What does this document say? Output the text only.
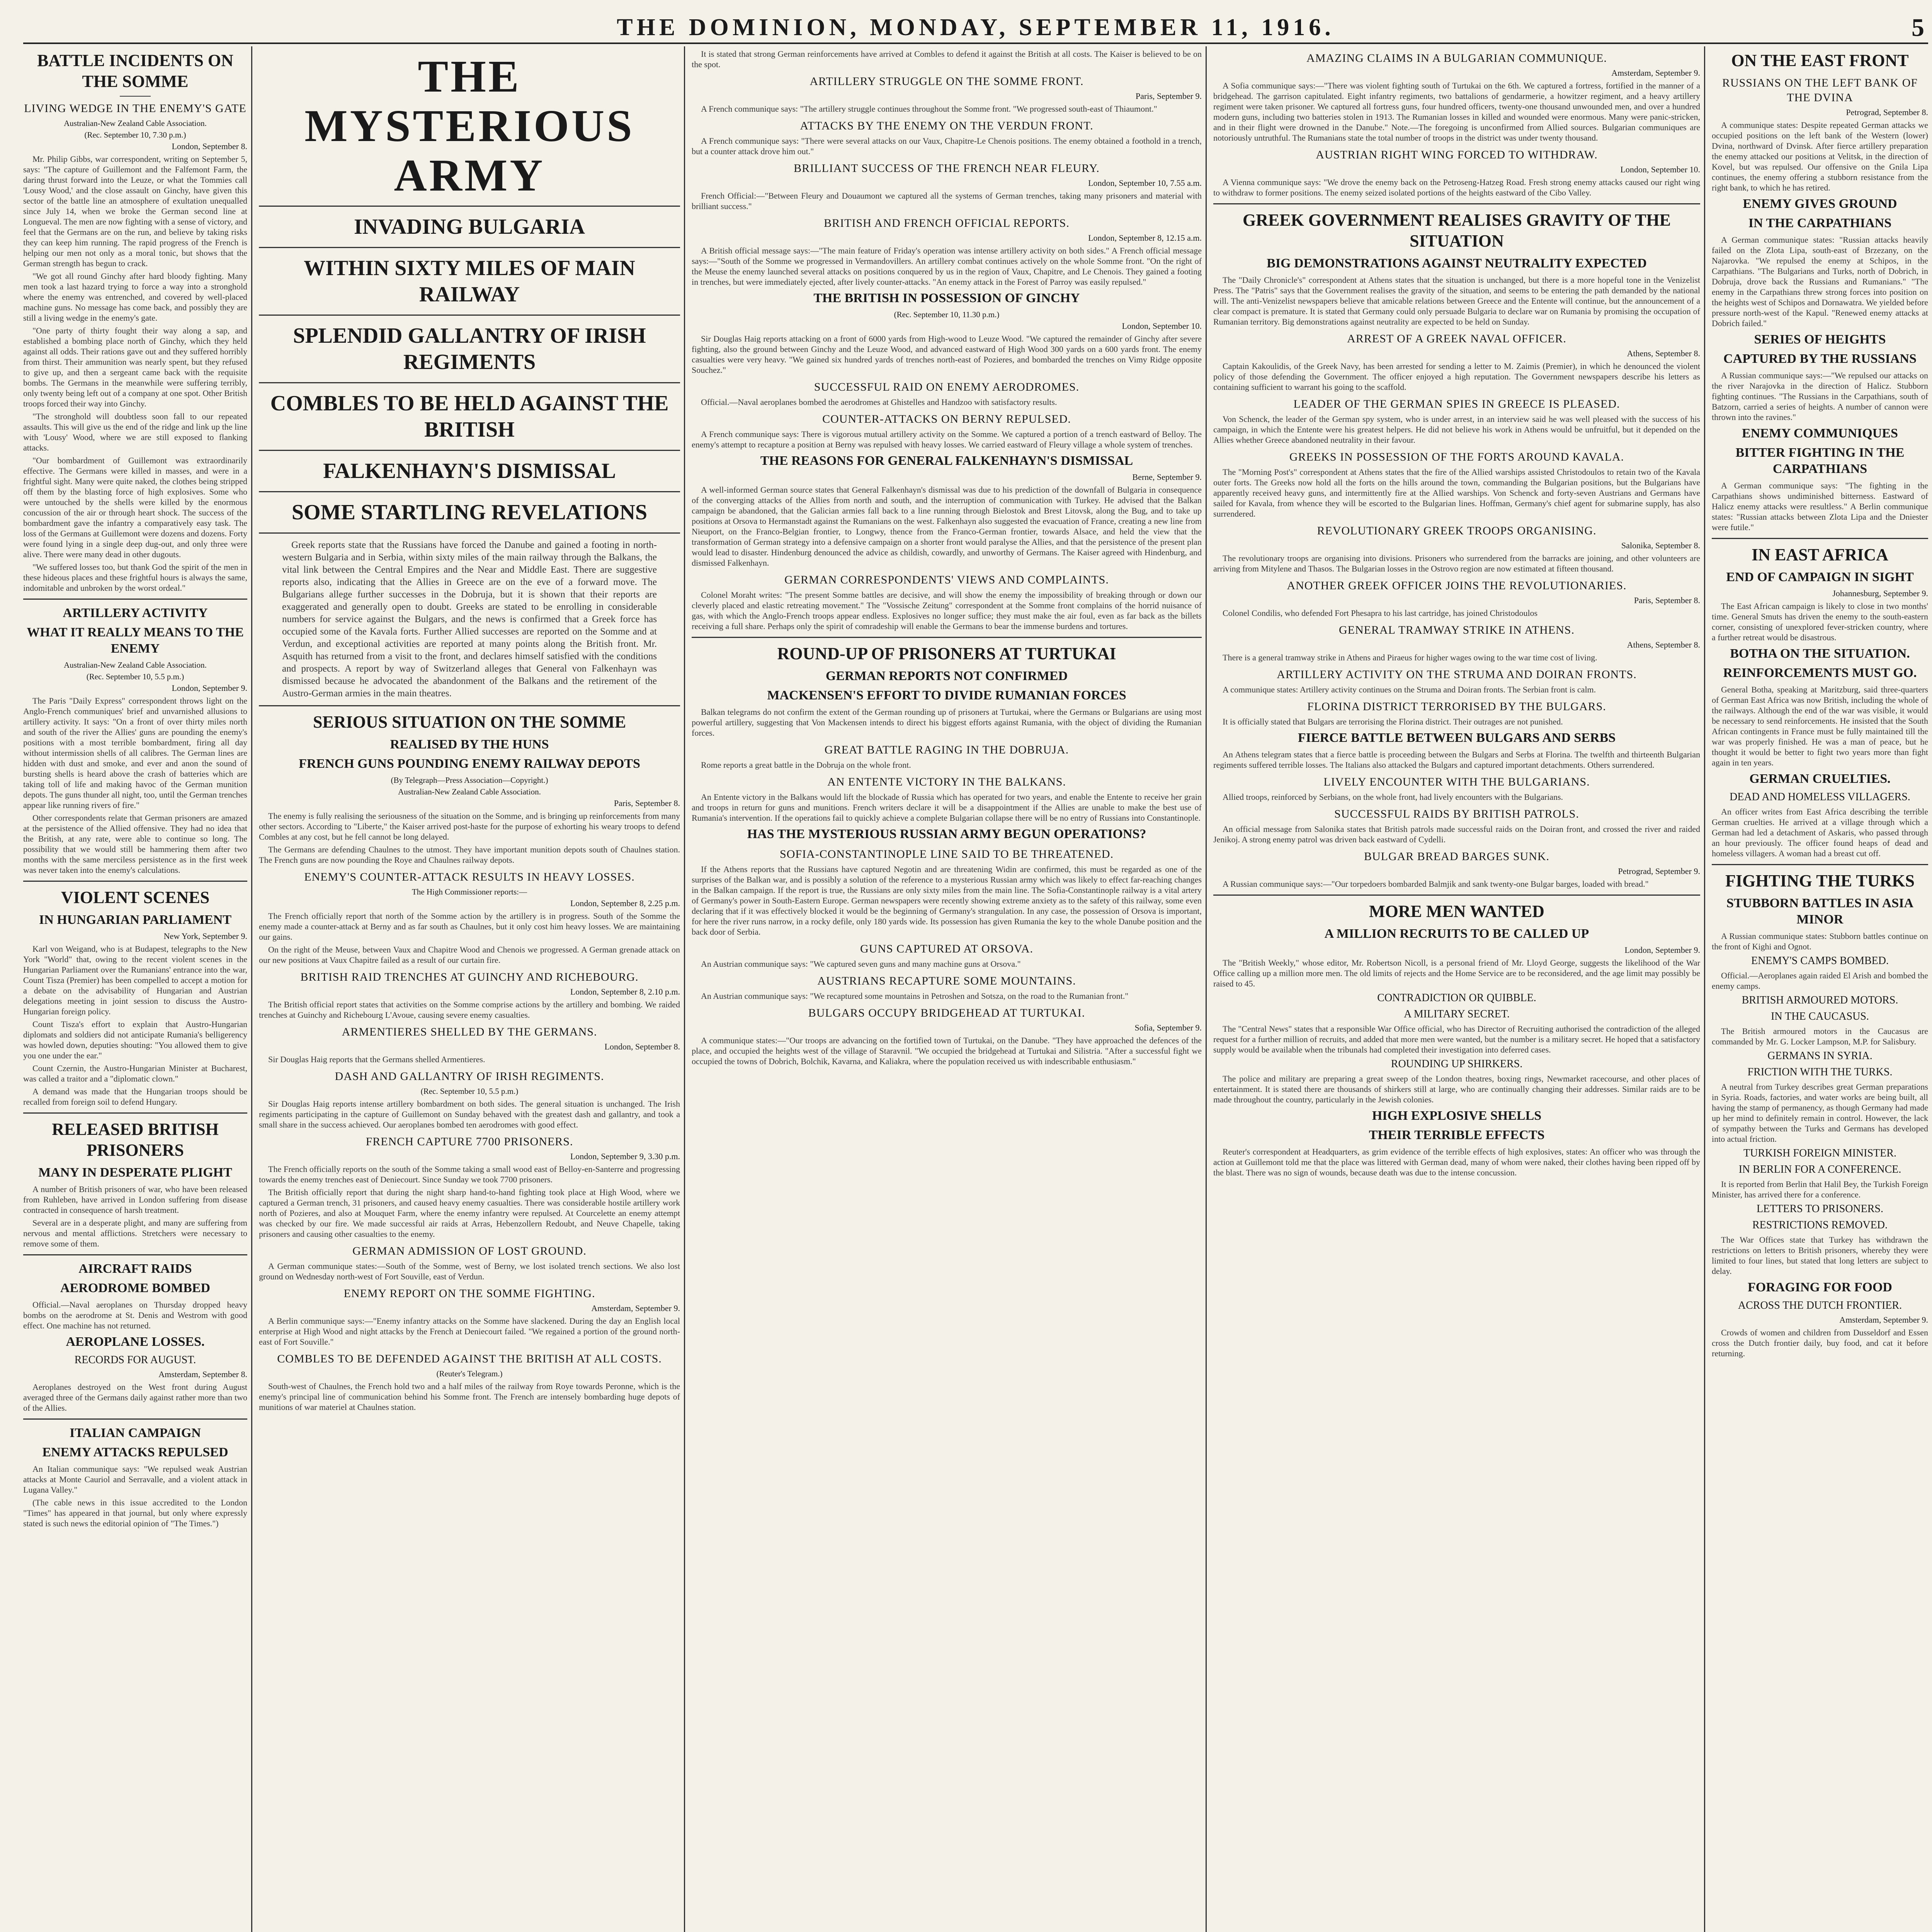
THE DOMINION, MONDAY, SEPTEMBER 11, 1916.	5
BATTLE INCIDENTS ON THE SOMME
LIVING WEDGE IN THE ENEMY'S GATE
Australian-New Zealand Cable Association.
(Rec. September 10, 7.30 p.m.)
London, September 8.

Mr. Philip Gibbs, war correspondent, writing on September 5, says: "The capture of Guillemont and the Falfemont Farm, the daring thrust forward into the Leuze, or what the Tommies call 'Lousy Wood,' and the close assault on Ginchy, have given this sector of the battle line an atmosphere of exultation unequalled since July 14, when we broke the German second line at Longueval. The men are now fighting with a sense of victory, and feel that the Germans are on the run, and believe by taking risks they can keep him running. The rapid progress of the French is helping our men not only as a moral tonic, but shows that the German strength has begun to crack.

"We got all round Ginchy after hard bloody fighting. Many men took a last hazard trying to force a way into a stronghold where the enemy was entrenched, and covered by well-placed machine guns. No message has come back, and possibly they are still a living wedge in the enemy's gate.

"One party of thirty fought their way along a sap, and established a bombing place north of Ginchy, which they held against all odds. Their rations gave out and they suffered horribly from thirst. Their ammunition was nearly spent, but they refused to give up, and then a sergeant came back with the requisite bombs. The Germans in the meanwhile were suffering terribly, only twenty being left out of a company at one spot. Other British troops forced their way into Ginchy.

"The stronghold will doubtless soon fall to our repeated assaults. This will give us the end of the ridge and link up the line with 'Lousy' Wood, where we are still exposed to flanking attacks.

"Our bombardment of Guillemont was extraordinarily effective. The Germans were killed in masses, and were in a frightful sight. Many were quite naked, the clothes being stripped off them by the blasting force of high explosives. Some who were untouched by the shells were killed by the enormous concussion of the air or through heart shock. The success of the bombardment gave the infantry a comparatively easy task. The loss of the Germans at Guillemont were dozens and dozens. Forty were found lying in a single deep dug-out, and only three were alive. There were many dead in other dugouts.

"We suffered losses too, but thank God the spirit of the men in these hideous places and these frightful hours is always the same, indomitable and unbroken by the worst ordeal."

ARTILLERY ACTIVITY
WHAT IT REALLY MEANS TO THE ENEMY
Australian-New Zealand Cable Association.
(Rec. September 10, 5.5 p.m.)
London, September 9.

The Paris "Daily Express" correspondent throws light on the Anglo-French communiques' brief and unvarnished allusions to artillery activity. It says: "On a front of over thirty miles north and south of the river the Allies' guns are pounding the enemy's positions with a most terrible bombardment, firing all day without intermission shells of all calibres. The German lines are hidden with dust and smoke, and ever and anon the sound of bursting shells is heard above the crash of batteries which are taking toll of life and making havoc of the German munition depots. The guns thunder all night, too, until the German trenches appear like running rivers of fire."

Other correspondents relate that German prisoners are amazed at the persistence of the Allied offensive. They had no idea that the British, at any rate, were able to continue so long. The possibility that we would still be hammering them after two months with the same merciless persistence as in the first week was never taken into the enemy's calculations.

VIOLENT SCENES
IN HUNGARIAN PARLIAMENT
New York, September 9.

Karl von Weigand, who is at Budapest, telegraphs to the New York "World" that, owing to the recent violent scenes in the Hungarian Parliament over the Rumanians' entrance into the war, Count Tisza (Premier) has been compelled to accept a motion for a debate on the advisability of Hungarian and Austrian delegations meeting in joint session to discuss the Austro-Hungarian foreign policy.

Count Tisza's effort to explain that Austro-Hungarian diplomats and soldiers did not anticipate Rumania's belligerency was howled down, deputies shouting: "You allowed them to give you one under the ear."

Count Czernin, the Austro-Hungarian Minister at Bucharest, was called a traitor and a "diplomatic clown."

A demand was made that the Hungarian troops should be recalled from foreign soil to defend Hungary.

RELEASED BRITISH PRISONERS
MANY IN DESPERATE PLIGHT

A number of British prisoners of war, who have been released from Ruhleben, have arrived in London suffering from disease contracted in consequence of harsh treatment.

Several are in a desperate plight, and many are suffering from nervous and mental afflictions. Stretchers were necessary to remove some of them.

AIRCRAFT RAIDS
AERODROME BOMBED

Official.—Naval aeroplanes on Thursday dropped heavy bombs on the aerodrome at St. Denis and Westrom with good effect. One machine has not returned.

AEROPLANE LOSSES.
RECORDS FOR AUGUST.
Amsterdam, September 8.

Aeroplanes destroyed on the West front during August averaged three of the Germans daily against rather more than two of the Allies.

ITALIAN CAMPAIGN
ENEMY ATTACKS REPULSED

An Italian communique says: "We repulsed weak Austrian attacks at Monte Cauriol and Serravalle, and a violent attack in Lugana Valley."

(The cable news in this issue accredited to the London "Times" has appeared in that journal, but only where expressly stated is such news the editorial opinion of "The Times.")

THE MYSTERIOUS ARMY
INVADING BULGARIA
WITHIN SIXTY MILES OF MAIN RAILWAY
SPLENDID GALLANTRY OF IRISH REGIMENTS
COMBLES TO BE HELD AGAINST THE BRITISH
FALKENHAYN'S DISMISSAL
SOME STARTLING REVELATIONS

Greek reports state that the Russians have forced the Danube and gained a footing in north-western Bulgaria and in Serbia, within sixty miles of the main railway through the Balkans, the vital link between the Central Empires and the Near and Middle East. There are suggestive reports also, indicating that the Allies in Greece are on the eve of a forward move. The Bulgarians allege further successes in the Dobruja, but it is shown that their reports are exaggerated and generally open to doubt. Greeks are stated to be enrolling in considerable numbers for service against the Bulgars, and the news is confirmed that a Greek force has occupied some of the Kavala forts. Further Allied successes are reported on the Somme and at Verdun, and exceptional activities are reported at many points along the British front. Mr. Asquith has returned from a visit to the front, and declares himself satisfied with the conditions and prospects. A report by way of Switzerland alleges that General von Falkenhayn was dismissed because he advocated the abandonment of the Balkans and the retirement of the Austro-German armies in the main theatres.

SERIOUS SITUATION ON THE SOMME
REALISED BY THE HUNS
FRENCH GUNS POUNDING ENEMY RAILWAY DEPOTS
(By Telegraph—Press Association—Copyright.)
Australian-New Zealand Cable Association.
Paris, September 8.

The enemy is fully realising the seriousness of the situation on the Somme, and is bringing up reinforcements from many other sectors. According to "Liberte," the Kaiser arrived post-haste for the purpose of exhorting his weary troops to defend Combles at any cost, but he fell cannot be long delayed.

The Germans are defending Chaulnes to the utmost. They have important munition depots south of Chaulnes station. The French guns are now pounding the Roye and Chaulnes railway depots.

ENEMY'S COUNTER-ATTACK RESULTS IN HEAVY LOSSES.
The High Commissioner reports:—
London, September 8, 2.25 p.m.

The French officially report that north of the Somme action by the artillery is in progress. South of the Somme the enemy made a counter-attack at Berny and as far south as Chaulnes, but it only cost him heavy losses. We are maintaining our gains.

On the right of the Meuse, between Vaux and Chapitre Wood and Chenois we progressed. A German grenade attack on our new positions at Vaux Chapitre failed as a result of our curtain fire.

BRITISH RAID TRENCHES AT GUINCHY AND RICHEBOURG.
London, September 8, 2.10 p.m.

The British official report states that activities on the Somme comprise actions by the artillery and bombing. We raided trenches at Guinchy and Richebourg L'Avoue, causing severe enemy casualties.

ARMENTIERES SHELLED BY THE GERMANS.
London, September 8.

Sir Douglas Haig reports that the Germans shelled Armentieres.

DASH AND GALLANTRY OF IRISH REGIMENTS.
(Rec. September 10, 5.5 p.m.)

Sir Douglas Haig reports intense artillery bombardment on both sides. The general situation is unchanged. The Irish regiments participating in the capture of Guillemont on Sunday behaved with the greatest dash and gallantry, and took a small share in the success achieved. Our aeroplanes bombed ten aerodromes with good effect.

FRENCH CAPTURE 7700 PRISONERS.
London, September 9, 3.30 p.m.

The French officially reports on the south of the Somme taking a small wood east of Belloy-en-Santerre and progressing towards the enemy trenches east of Deniecourt. Since Sunday we took 7700 prisoners.

The British officially report that during the night sharp hand-to-hand fighting took place at High Wood, where we captured a German trench, 31 prisoners, and caused heavy enemy casualties. There was considerable hostile artillery work north of Pozieres, and also at Mouquet Farm, where the enemy infantry were repulsed. At Courcelette an enemy attempt was checked by our fire. We made successful air raids at Arras, Hebenzollern Redoubt, and Neuve Chapelle, taking prisoners and causing other casualties to the enemy.

GERMAN ADMISSION OF LOST GROUND.

A German communique states:—South of the Somme, west of Berny, we lost isolated trench sections. We also lost ground on Wednesday north-west of Fort Souville, east of Verdun.

ENEMY REPORT ON THE SOMME FIGHTING.
Amsterdam, September 9.

A Berlin communique says:—"Enemy infantry attacks on the Somme have slackened. During the day an English local enterprise at High Wood and night attacks by the French at Deniecourt failed. "We regained a portion of the ground north-east of Fort Souville."

COMBLES TO BE DEFENDED AGAINST THE BRITISH AT ALL COSTS.
(Reuter's Telegram.)

South-west of Chaulnes, the French hold two and a half miles of the railway from Roye towards Peronne, which is the enemy's principal line of communication behind his Somme front. The French are intensely bombarding huge depots of munitions of war materiel at Chaulnes station.

It is stated that strong German reinforcements have arrived at Combles to defend it against the British at all costs. The Kaiser is believed to be on the spot.

ARTILLERY STRUGGLE ON THE SOMME FRONT.
Paris, September 9.

A French communique says: "The artillery struggle continues throughout the Somme front. "We progressed south-east of Thiaumont."

ATTACKS BY THE ENEMY ON THE VERDUN FRONT.

A French communique says: "There were several attacks on our Vaux, Chapitre-Le Chenois positions. The enemy obtained a foothold in a trench, but a counter attack drove him out."

BRILLIANT SUCCESS OF THE FRENCH NEAR FLEURY.
London, September 10, 7.55 a.m.

French Official:—"Between Fleury and Douaumont we captured all the systems of German trenches, taking many prisoners and material with brilliant success."

BRITISH AND FRENCH OFFICIAL REPORTS.
London, September 8, 12.15 a.m.

A British official message says:—"The main feature of Friday's operation was intense artillery activity on both sides." A French official message says:—"South of the Somme we progressed in Vermandovillers. An artillery combat continues actively on the whole Somme front. "On the right of the Meuse the enemy launched several attacks on positions conquered by us in the region of Vaux, Chapitre, and Le Chenois. They gained a footing in trenches, but were immediately ejected, after lively counter-attacks. "An enemy attack in the Forest of Parroy was easily repulsed."

THE BRITISH IN POSSESSION OF GINCHY
(Rec. September 10, 11.30 p.m.)
London, September 10.

Sir Douglas Haig reports attacking on a front of 6000 yards from High-wood to Leuze Wood. "We captured the remainder of Ginchy after severe fighting, also the ground between Ginchy and the Leuze Wood, and advanced eastward of High Wood 300 yards on a 600 yards front. The enemy casualties were very heavy. "We gained six hundred yards of trenches north-east of Pozieres, and bombarded the trenches on Vimy Ridge opposite Souchez."

SUCCESSFUL RAID ON ENEMY AERODROMES.

Official.—Naval aeroplanes bombed the aerodromes at Ghistelles and Handzoo with satisfactory results.

COUNTER-ATTACKS ON BERNY REPULSED.

A French communique says: There is vigorous mutual artillery activity on the Somme. We captured a portion of a trench eastward of Belloy. The enemy's attempt to recapture a position at Berny was repulsed with heavy losses. We carried eastward of Fleury village a whole system of trenches.

THE REASONS FOR GENERAL FALKENHAYN'S DISMISSAL
Berne, September 9.

A well-informed German source states that General Falkenhayn's dismissal was due to his prediction of the downfall of Bulgaria in consequence of the converging attacks of the Allies from north and south, and the interruption of communication with Turkey. He advised that the Balkan campaign be abandoned, that the Galician armies fall back to a line running through Bielostok and Brest Litovsk, along the Bug, and to take up positions at Orsova to Hermanstadt against the Rumanians on the west. Falkenhayn also suggested the evacuation of France, creating a new line from Nieuport, on the Franco-Belgian frontier, to Longwy, thence from the Franco-German frontier, towards Alsace, and held the view that the transformation of German strategy into a defensive campaign on a shorter front would paralyse the Allies, and that the persistence of the present plan would lead to disaster. Hindenburg denounced the advice as childish, cowardly, and unworthy of Germans. The Kaiser agreed with Hindenburg, and dismissed Falkenhayn.

GERMAN CORRESPONDENTS' VIEWS AND COMPLAINTS.

Colonel Moraht writes: "The present Somme battles are decisive, and will show the enemy the impossibility of breaking through or down our cleverly placed and elastic retreating movement." The "Vossische Zeitung" correspondent at the Somme front complains of the horrid nuisance of gas, with which the Anglo-French troops appear endless. Explosives no longer suffice; they must make the air foul, even as far back as the billets receiving a full share. Perhaps only the spirit of comradeship will enable the Germans to bear the immense burdens and tortures.

ROUND-UP OF PRISONERS AT TURTUKAI
GERMAN REPORTS NOT CONFIRMED
MACKENSEN'S EFFORT TO DIVIDE RUMANIAN FORCES

Balkan telegrams do not confirm the extent of the German rounding up of prisoners at Turtukai, where the Germans or Bulgarians are using most powerful artillery, suggesting that Von Mackensen intends to direct his biggest efforts against Rumania, with the object of dividing the Rumanian forces.

GREAT BATTLE RAGING IN THE DOBRUJA.

Rome reports a great battle in the Dobruja on the whole front.

AN ENTENTE VICTORY IN THE BALKANS.

An Entente victory in the Balkans would lift the blockade of Russia which has operated for two years, and enable the Entente to receive her grain and troops in return for guns and munitions. French writers declare it will be a disappointment if the Allies are unable to make the best use of Rumania's intervention. If the operations fail to quickly achieve a complete Bulgarian collapse there will be no entry of Russians into Constantinople.

HAS THE MYSTERIOUS RUSSIAN ARMY BEGUN OPERATIONS?
SOFIA-CONSTANTINOPLE LINE SAID TO BE THREATENED.

If the Athens reports that the Russians have captured Negotin and are threatening Widin are confirmed, this must be regarded as one of the surprises of the Balkan war, and is possibly a solution of the reference to a mysterious Russian army which was likely to effect far-reaching changes in the Balkan campaign. If the report is true, the Russians are only sixty miles from the main line. The Sofia-Constantinople railway is a vital artery of Germany's power in South-Eastern Europe. German newspapers were recently showing extreme anxiety as to the safety of this railway, some even declaring that if it was effectively blocked it would be the beginning of Germany's strangulation. In any case, the possession of Orsova is important, for here the river runs narrow, in a rocky defile, only 180 yards wide. Its possession has given Rumania the key to the whole Danube position and the back door of Serbia.

GUNS CAPTURED AT ORSOVA.

An Austrian communique says: "We captured seven guns and many machine guns at Orsova."

AUSTRIANS RECAPTURE SOME MOUNTAINS.

An Austrian communique says: "We recaptured some mountains in Petroshen and Sotsza, on the road to the Rumanian front."

BULGARS OCCUPY BRIDGEHEAD AT TURTUKAI.
Sofia, September 9.

A communique states:—"Our troops are advancing on the fortified town of Turtukai, on the Danube. "They have approached the defences of the place, and occupied the heights west of the village of Staravnil. "We occupied the bridgehead at Turtukai and Silistria. "After a successful fight we occupied the towns of Dobrich, Bolchik, Kavarna, and Kaliakra, where the population received us with indescribable enthusiasm."

AMAZING CLAIMS IN A BULGARIAN COMMUNIQUE.
Amsterdam, September 9.

A Sofia communique says:—"There was violent fighting south of Turtukai on the 6th. We captured a fortress, fortified in the manner of a bridgehead. The garrison capitulated. Eight infantry regiments, two battalions of gendarmerie, a howitzer regiment, and a heavy artillery regiment were taken prisoner. We captured all fortress guns, four hundred officers, twenty-one thousand unwounded men, and over a hundred modern guns, including two batteries stolen in 1913. The Rumanian losses in killed and wounded were enormous. Many were panic-stricken, and in their flight were drowned in the Danube." Note.—The foregoing is unconfirmed from Allied sources. Bulgarian communiques are notoriously untruthful. The Rumanians state the total number of troops in the district was under twenty thousand.

AUSTRIAN RIGHT WING FORCED TO WITHDRAW.
London, September 10.

A Vienna communique says: "We drove the enemy back on the Petroseng-Hatzeg Road. Fresh strong enemy attacks caused our right wing to withdraw to former positions. The enemy seized isolated portions of the heights eastward of the Cibo Valley.

GREEK GOVERNMENT REALISES GRAVITY OF THE SITUATION
BIG DEMONSTRATIONS AGAINST NEUTRALITY EXPECTED

The "Daily Chronicle's" correspondent at Athens states that the situation is unchanged, but there is a more hopeful tone in the Venizelist Press. The "Patris" says that the Government realises the gravity of the situation, and seems to be entering the path demanded by the national will. The anti-Venizelist newspapers believe that amicable relations between Greece and the Entente will continue, but the announcement of a clear compact is premature. It is stated that Germany could only persuade Bulgaria to declare war on Rumania by promising the occupation of Rumanian territory. Big demonstrations against neutrality are expected to be held on Sunday.

ARREST OF A GREEK NAVAL OFFICER.
Athens, September 8.

Captain Kakoulidis, of the Greek Navy, has been arrested for sending a letter to M. Zaimis (Premier), in which he denounced the violent policy of those defending the Government. The officer enjoyed a high reputation. The Government newspapers describe his letters as containing sufficient to warrant his going to the scaffold.

LEADER OF THE GERMAN SPIES IN GREECE IS PLEASED.

Von Schenck, the leader of the German spy system, who is under arrest, in an interview said he was well pleased with the success of his campaign, in which the Entente were his greatest helpers. He did not believe his work in Athens would be unfruitful, but it depended on the Allies whether Greece abandoned neutrality in their favour.

GREEKS IN POSSESSION OF THE FORTS AROUND KAVALA.

The "Morning Post's" correspondent at Athens states that the fire of the Allied warships assisted Christodoulos to retain two of the Kavala outer forts. The Greeks now hold all the forts on the hills around the town, commanding the Bulgarian positions, but the Bulgarians have apparently received heavy guns, and intermittently fire at the Allied warships. Von Schenck and forty-seven Austrians and Germans have sailed for Kavala, from whence they will be escorted to the Bulgarian lines. Hoffman, Germany's chief agent for submarine supply, has also surrendered.

REVOLUTIONARY GREEK TROOPS ORGANISING.
Salonika, September 8.

The revolutionary troops are organising into divisions. Prisoners who surrendered from the barracks are joining, and other volunteers are arriving from Mitylene and Thasos. The Bulgarian losses in the Ostrovo region are now estimated at fifteen thousand.

ANOTHER GREEK OFFICER JOINS THE REVOLUTIONARIES.
Paris, September 8.

Colonel Condilis, who defended Fort Phesapra to his last cartridge, has joined Christodoulos

GENERAL TRAMWAY STRIKE IN ATHENS.
Athens, September 8.

There is a general tramway strike in Athens and Piraeus for higher wages owing to the war time cost of living.

ARTILLERY ACTIVITY ON THE STRUMA AND DOIRAN FRONTS.

A communique states: Artillery activity continues on the Struma and Doiran fronts. The Serbian front is calm.

FLORINA DISTRICT TERRORISED BY THE BULGARS.

It is officially stated that Bulgars are terrorising the Florina district. Their outrages are not punished.

FIERCE BATTLE BETWEEN BULGARS AND SERBS

An Athens telegram states that a fierce battle is proceeding between the Bulgars and Serbs at Florina. The twelfth and thirteenth Bulgarian regiments suffered terrible losses. The Italians also attacked the Bulgars and captured important detachments. Others surrendered.

LIVELY ENCOUNTER WITH THE BULGARIANS.

Allied troops, reinforced by Serbians, on the whole front, had lively encounters with the Bulgarians.

SUCCESSFUL RAIDS BY BRITISH PATROLS.

An official message from Salonika states that British patrols made successful raids on the Doiran front, and crossed the river and raided Jenikoj. A strong enemy patrol was driven back eastward of Cydelli.

BULGAR BREAD BARGES SUNK.
Petrograd, September 9.

A Russian communique says:—"Our torpedoers bombarded Balmjik and sank twenty-one Bulgar barges, loaded with bread."

MORE MEN WANTED
A MILLION RECRUITS TO BE CALLED UP
London, September 9.

The "British Weekly," whose editor, Mr. Robertson Nicoll, is a personal friend of Mr. Lloyd George, suggests the likelihood of the War Office calling up a million more men. The old limits of rejects and the Home Service are to be reconsidered, and the age limit may possibly be raised to 45.

CONTRADICTION OR QUIBBLE.
A MILITARY SECRET.

The "Central News" states that a responsible War Office official, who has Director of Recruiting authorised the contradiction of the alleged request for a further million of recruits, and added that more men were wanted, but the number is a military secret. He hoped that a satisfactory supply would be available when the tribunals had completed their investigation into deferred cases.

ROUNDING UP SHIRKERS.

The police and military are preparing a great sweep of the London theatres, boxing rings, Newmarket racecourse, and other places of entertainment. It is stated there are thousands of shirkers still at large, who are continually changing their addresses. Similar raids are to be made throughout the country, particularly in the Jewish colonies.

HIGH EXPLOSIVE SHELLS
THEIR TERRIBLE EFFECTS

Reuter's correspondent at Headquarters, as grim evidence of the terrible effects of high explosives, states: An officer who was through the action at Guillemont told me that the place was littered with German dead, many of whom were naked, their clothes having been ripped off by the blast. There was no sign of wounds, because death was due to the intense concussion.

ON THE EAST FRONT
RUSSIANS ON THE LEFT BANK OF THE DVINA
Petrograd, September 8.

A communique states: Despite repeated German attacks we occupied positions on the left bank of the Western (lower) Dvina, northward of Dvinsk. After fierce artillery preparation the enemy attacked our positions at Velitsk, in the direction of Kovel, but was repulsed. Our offensive on the Gnila Lipa continues, the enemy offering a stubborn resistance from the right bank, to which he has retired.

ENEMY GIVES GROUND
IN THE CARPATHIANS

A German communique states: "Russian attacks heavily failed on the Zlota Lipa, south-east of Brzezany, on the Najarovka. "We repulsed the enemy at Schipos, in the Carpathians. "The Bulgarians and Turks, north of Dobrich, in Dobruja, drove back the Russians and Rumanians." "The enemy in the Carpathians threw strong forces into position on the heights west of Schipos and Dornawatra. We yielded before pressure north-west of the Kapul. "Renewed enemy attacks at Dobrich failed."

SERIES OF HEIGHTS
CAPTURED BY THE RUSSIANS

A Russian communique says:—"We repulsed our attacks on the river Narajovka in the direction of Halicz. Stubborn fighting continues. "The Russians in the Carpathians, south of Batzorn, carried a series of heights. A number of cannon were thrown into the ravines."

ENEMY COMMUNIQUES
BITTER FIGHTING IN THE CARPATHIANS

A German communique says: "The fighting in the Carpathians shows undiminished bitterness. Eastward of Halicz enemy attacks were resultless." A Berlin communique states: "Russian attacks between Zlota Lipa and the Dniester were futile."

IN EAST AFRICA
END OF CAMPAIGN IN SIGHT
Johannesburg, September 9.

The East African campaign is likely to close in two months' time. General Smuts has driven the enemy to the south-eastern corner, consisting of unexplored fever-stricken country, where a further retreat would be disastrous.

BOTHA ON THE SITUATION.
REINFORCEMENTS MUST GO.

General Botha, speaking at Maritzburg, said three-quarters of German East Africa was now British, including the whole of the railways. Although the end of the war was visible, it would be necessary to send reinforcements. He insisted that the South African contingents in France must be fully maintained till the war was properly finished. He was a man of peace, but he thought it would be better to fight two years more than fight again in ten years.

GERMAN CRUELTIES.
DEAD AND HOMELESS VILLAGERS.

An officer writes from East Africa describing the terrible German cruelties. He arrived at a village through which a German had led a detachment of Askaris, who passed through an hour previously. The officer found heaps of dead and homeless villagers. A woman had a breast cut off.

FIGHTING THE TURKS
STUBBORN BATTLES IN ASIA MINOR

A Russian communique states: Stubborn battles continue on the front of Kighi and Ognot.

ENEMY'S CAMPS BOMBED.

Official.—Aeroplanes again raided El Arish and bombed the enemy camps.

BRITISH ARMOURED MOTORS.
IN THE CAUCASUS.

The British armoured motors in the Caucasus are commanded by Mr. G. Locker Lampson, M.P. for Salisbury.

GERMANS IN SYRIA.
FRICTION WITH THE TURKS.

A neutral from Turkey describes great German preparations in Syria. Roads, factories, and water works are being built, all having the stamp of permanency, as though Germany had made up her mind to definitely remain in control. However, the lack of sympathy between the Turks and Germans has developed into actual friction.

TURKISH FOREIGN MINISTER.
IN BERLIN FOR A CONFERENCE.

It is reported from Berlin that Halil Bey, the Turkish Foreign Minister, has arrived there for a conference.

LETTERS TO PRISONERS.
RESTRICTIONS REMOVED.

The War Offices state that Turkey has withdrawn the restrictions on letters to British prisoners, whereby they were limited to four lines, but stated that long letters are subject to delay.

FORAGING FOR FOOD
ACROSS THE DUTCH FRONTIER.
Amsterdam, September 9.

Crowds of women and children from Dusseldorf and Essen cross the Dutch frontier daily, buy food, and cat it before returning.
